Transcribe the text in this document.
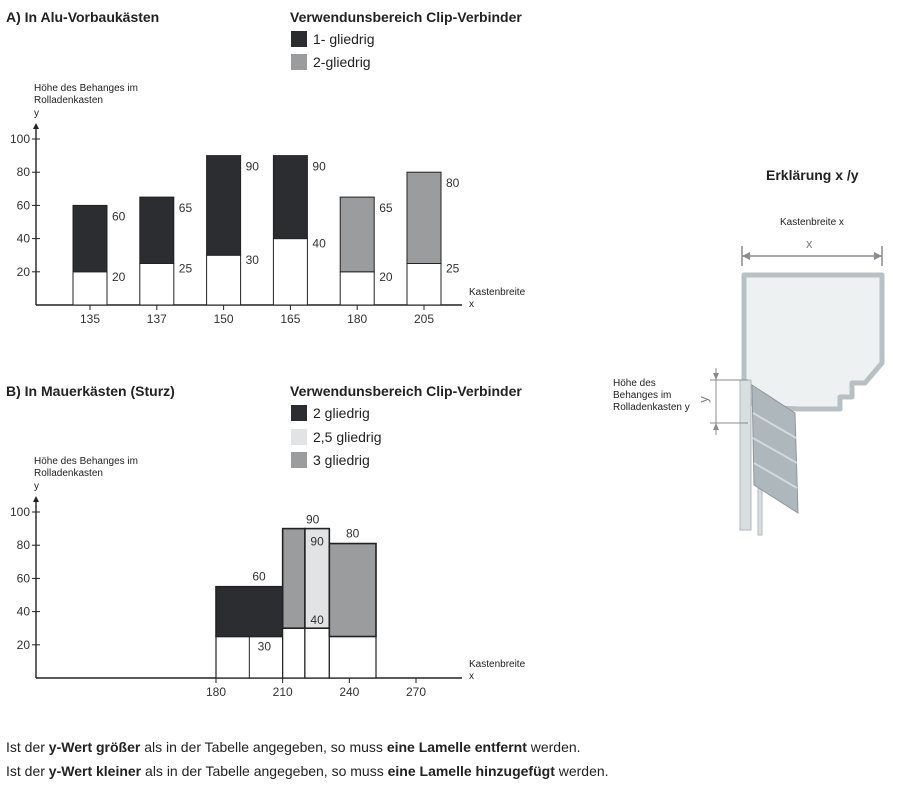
A) In Alu-Vorbaukästen	Verwendunsbereich Clip-Verbinder
1- gliedrig
2-gliedrig
B) In Mauerkästen (Sturz)	Verwendunsbereich Clip-Verbinder
2 gliedrig
2,5 gliedrig
3 gliedrig
Höhe des Behanges im Rolladenkasten
y
Kastenbreite
x
Höhe des Behanges im Rolladenkasten
y
Kastenbreite
x
20
40
60
80
100
135
60
20
137
65
25
150
90
30
165
90
40
180
65
20
205
80
25
20
40
60
80
100
180	210	240	270
60
30
90
90
40
80
Erklärung x /y
Kastenbreite x
x
Höhe des Behanges im Rolladenkasten y
y
Ist der y-Wert größer als in der Tabelle angegeben, so muss eine Lamelle entfernt werden.
Ist der y-Wert kleiner als in der Tabelle angegeben, so muss eine Lamelle hinzugefügt werden.
